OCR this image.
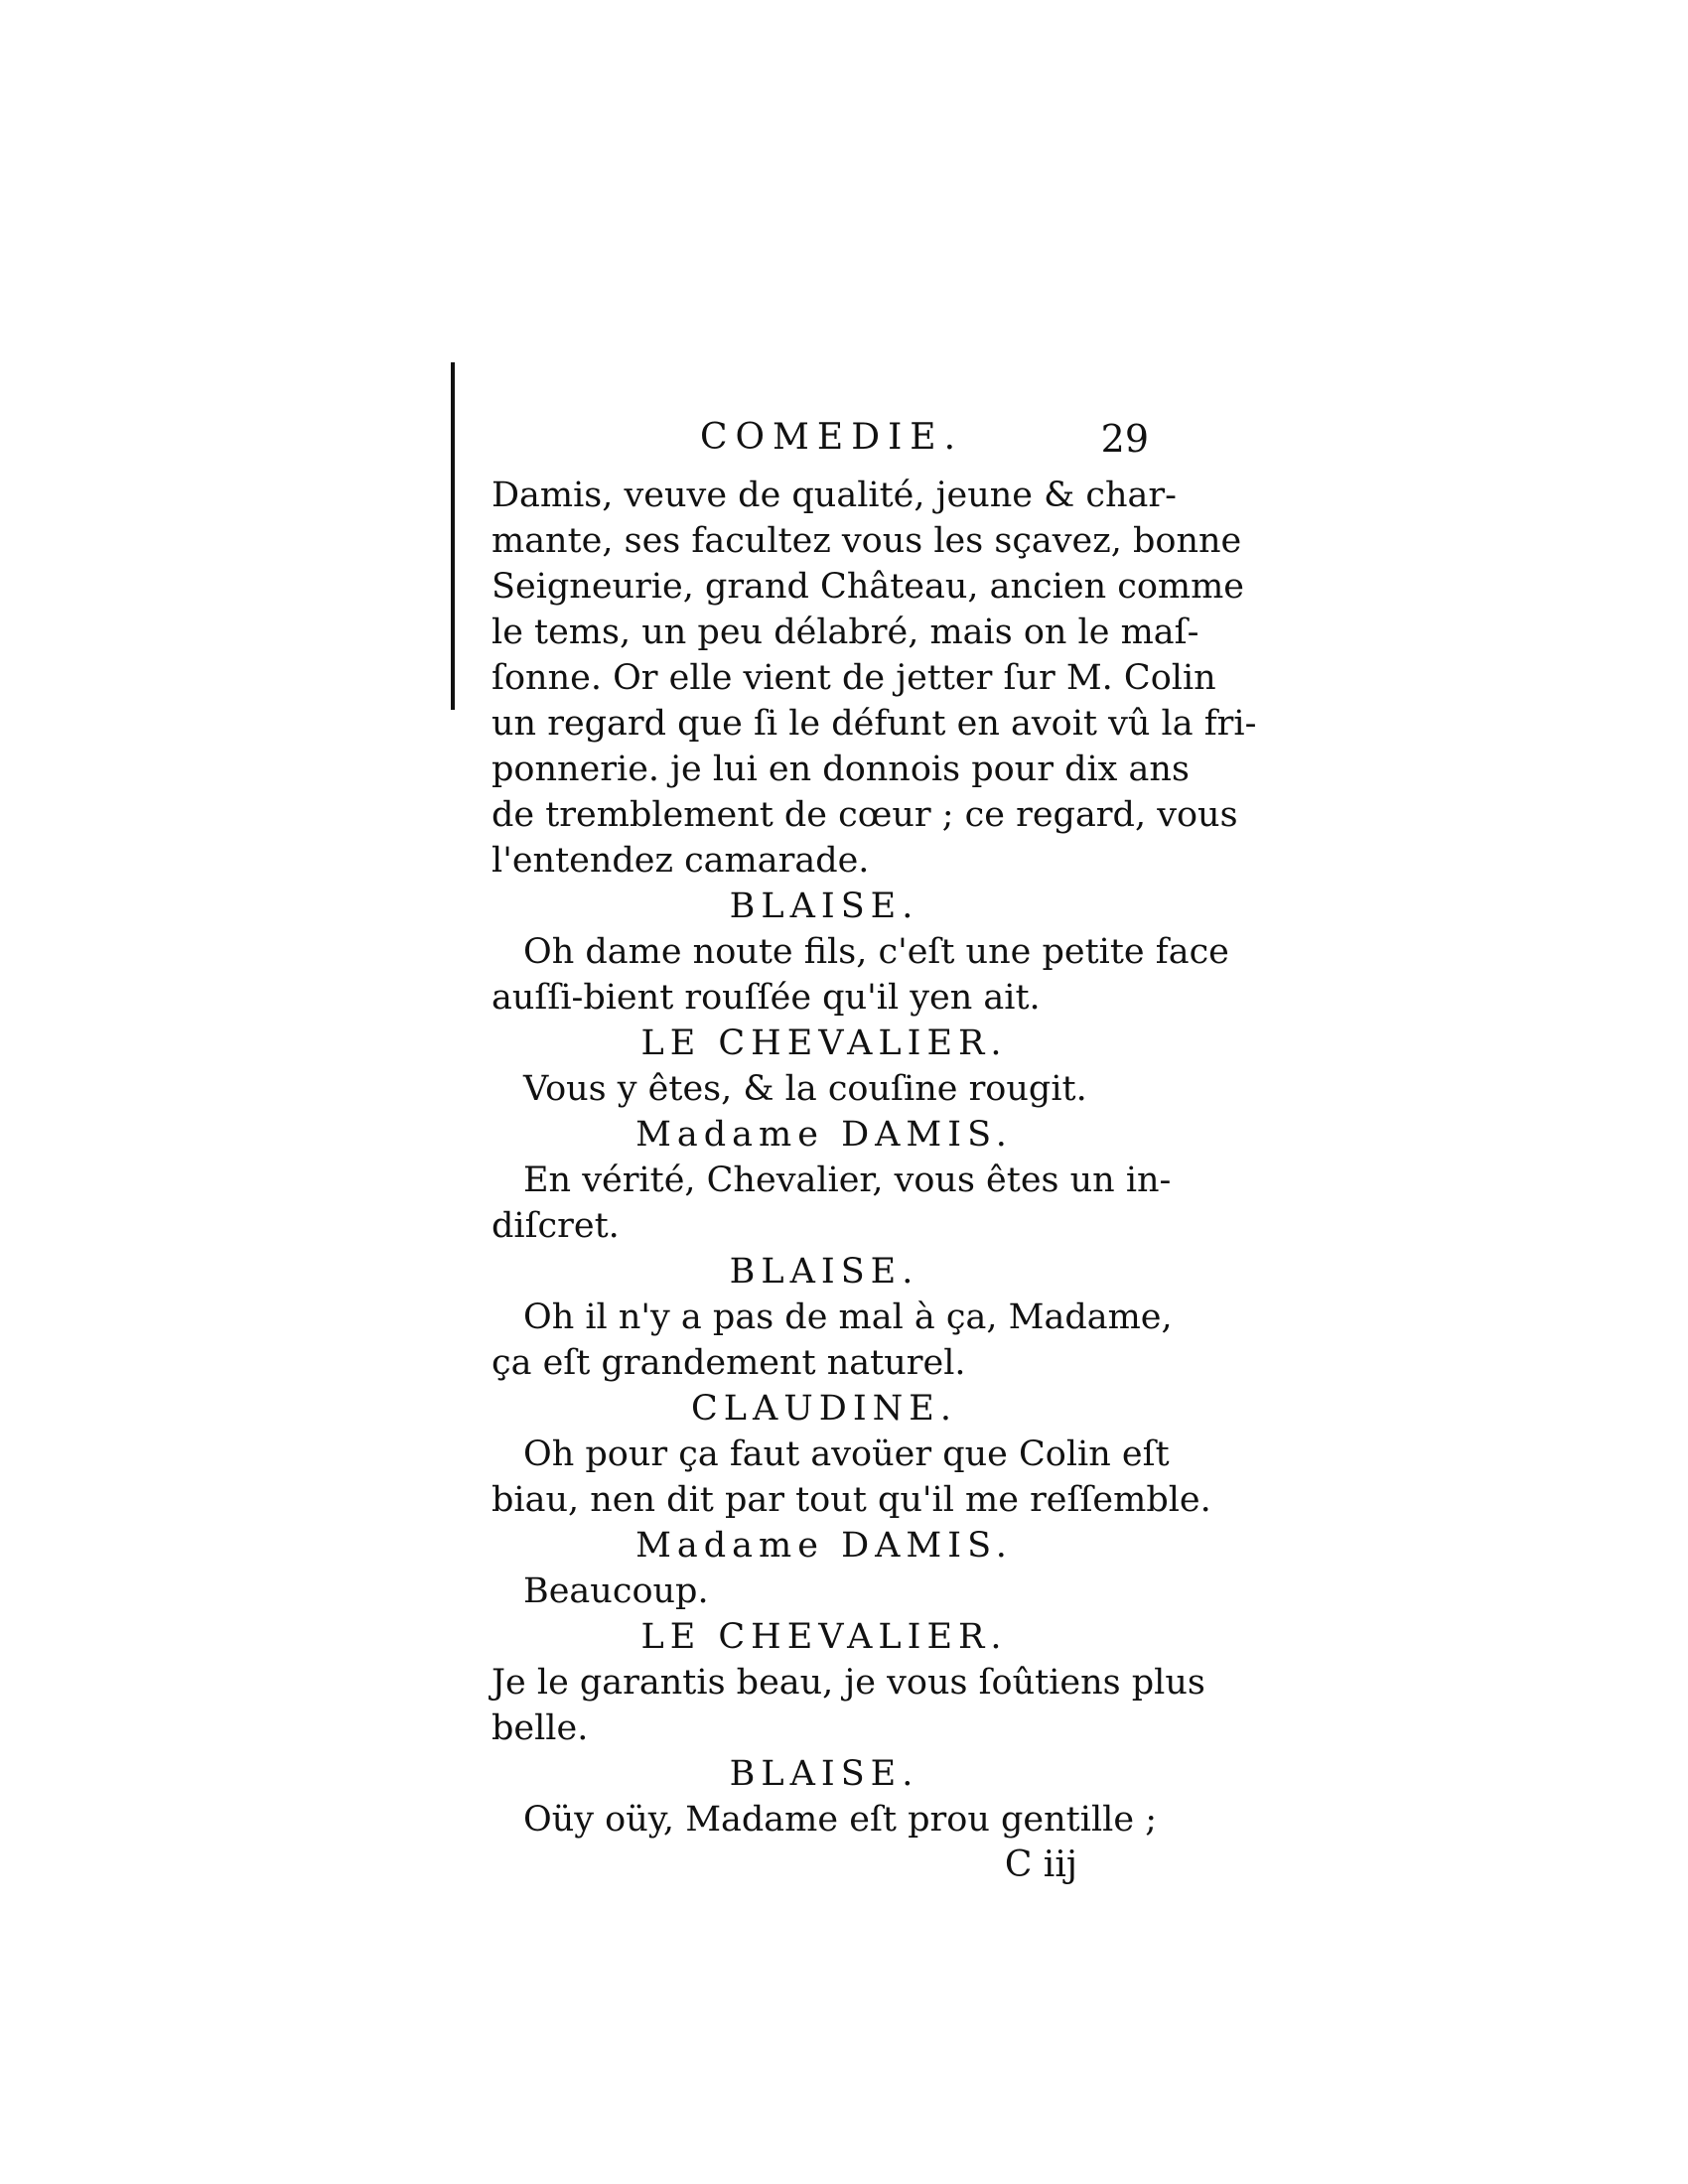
COMEDIE.	29
Damis, veuve de qualité, jeune & char-
mante, ses facultez vous les sçavez, bonne
Seigneurie, grand Château, ancien comme
le tems, un peu délabré, mais on le maſ-
ſonne. Or elle vient de jetter ſur M. Colin
un regard que ſi le défunt en avoit vû la fri-
ponnerie. je lui en donnois pour dix ans
de tremblement de cœur ; ce regard, vous
l'entendez camarade.
BLAISE.
Oh dame noute fils, c'eſt une petite face
auſſi-bient rouſſée qu'il yen ait.
LE CHEVALIER.
Vous y êtes, & la couſine rougit.
Madame DAMIS.
En vérité, Chevalier, vous êtes un in-
diſcret.
BLAISE.
Oh il n'y a pas de mal à ça, Madame,
ça eſt grandement naturel.
CLAUDINE.
Oh pour ça faut avoüer que Colin eſt
biau, nen dit par tout qu'il me reſſemble.
Madame DAMIS.
Beaucoup.
LE CHEVALIER.
Je le garantis beau, je vous ſoûtiens plus
belle.
BLAISE.
Oüy oüy, Madame eſt prou gentille ;
C iij
